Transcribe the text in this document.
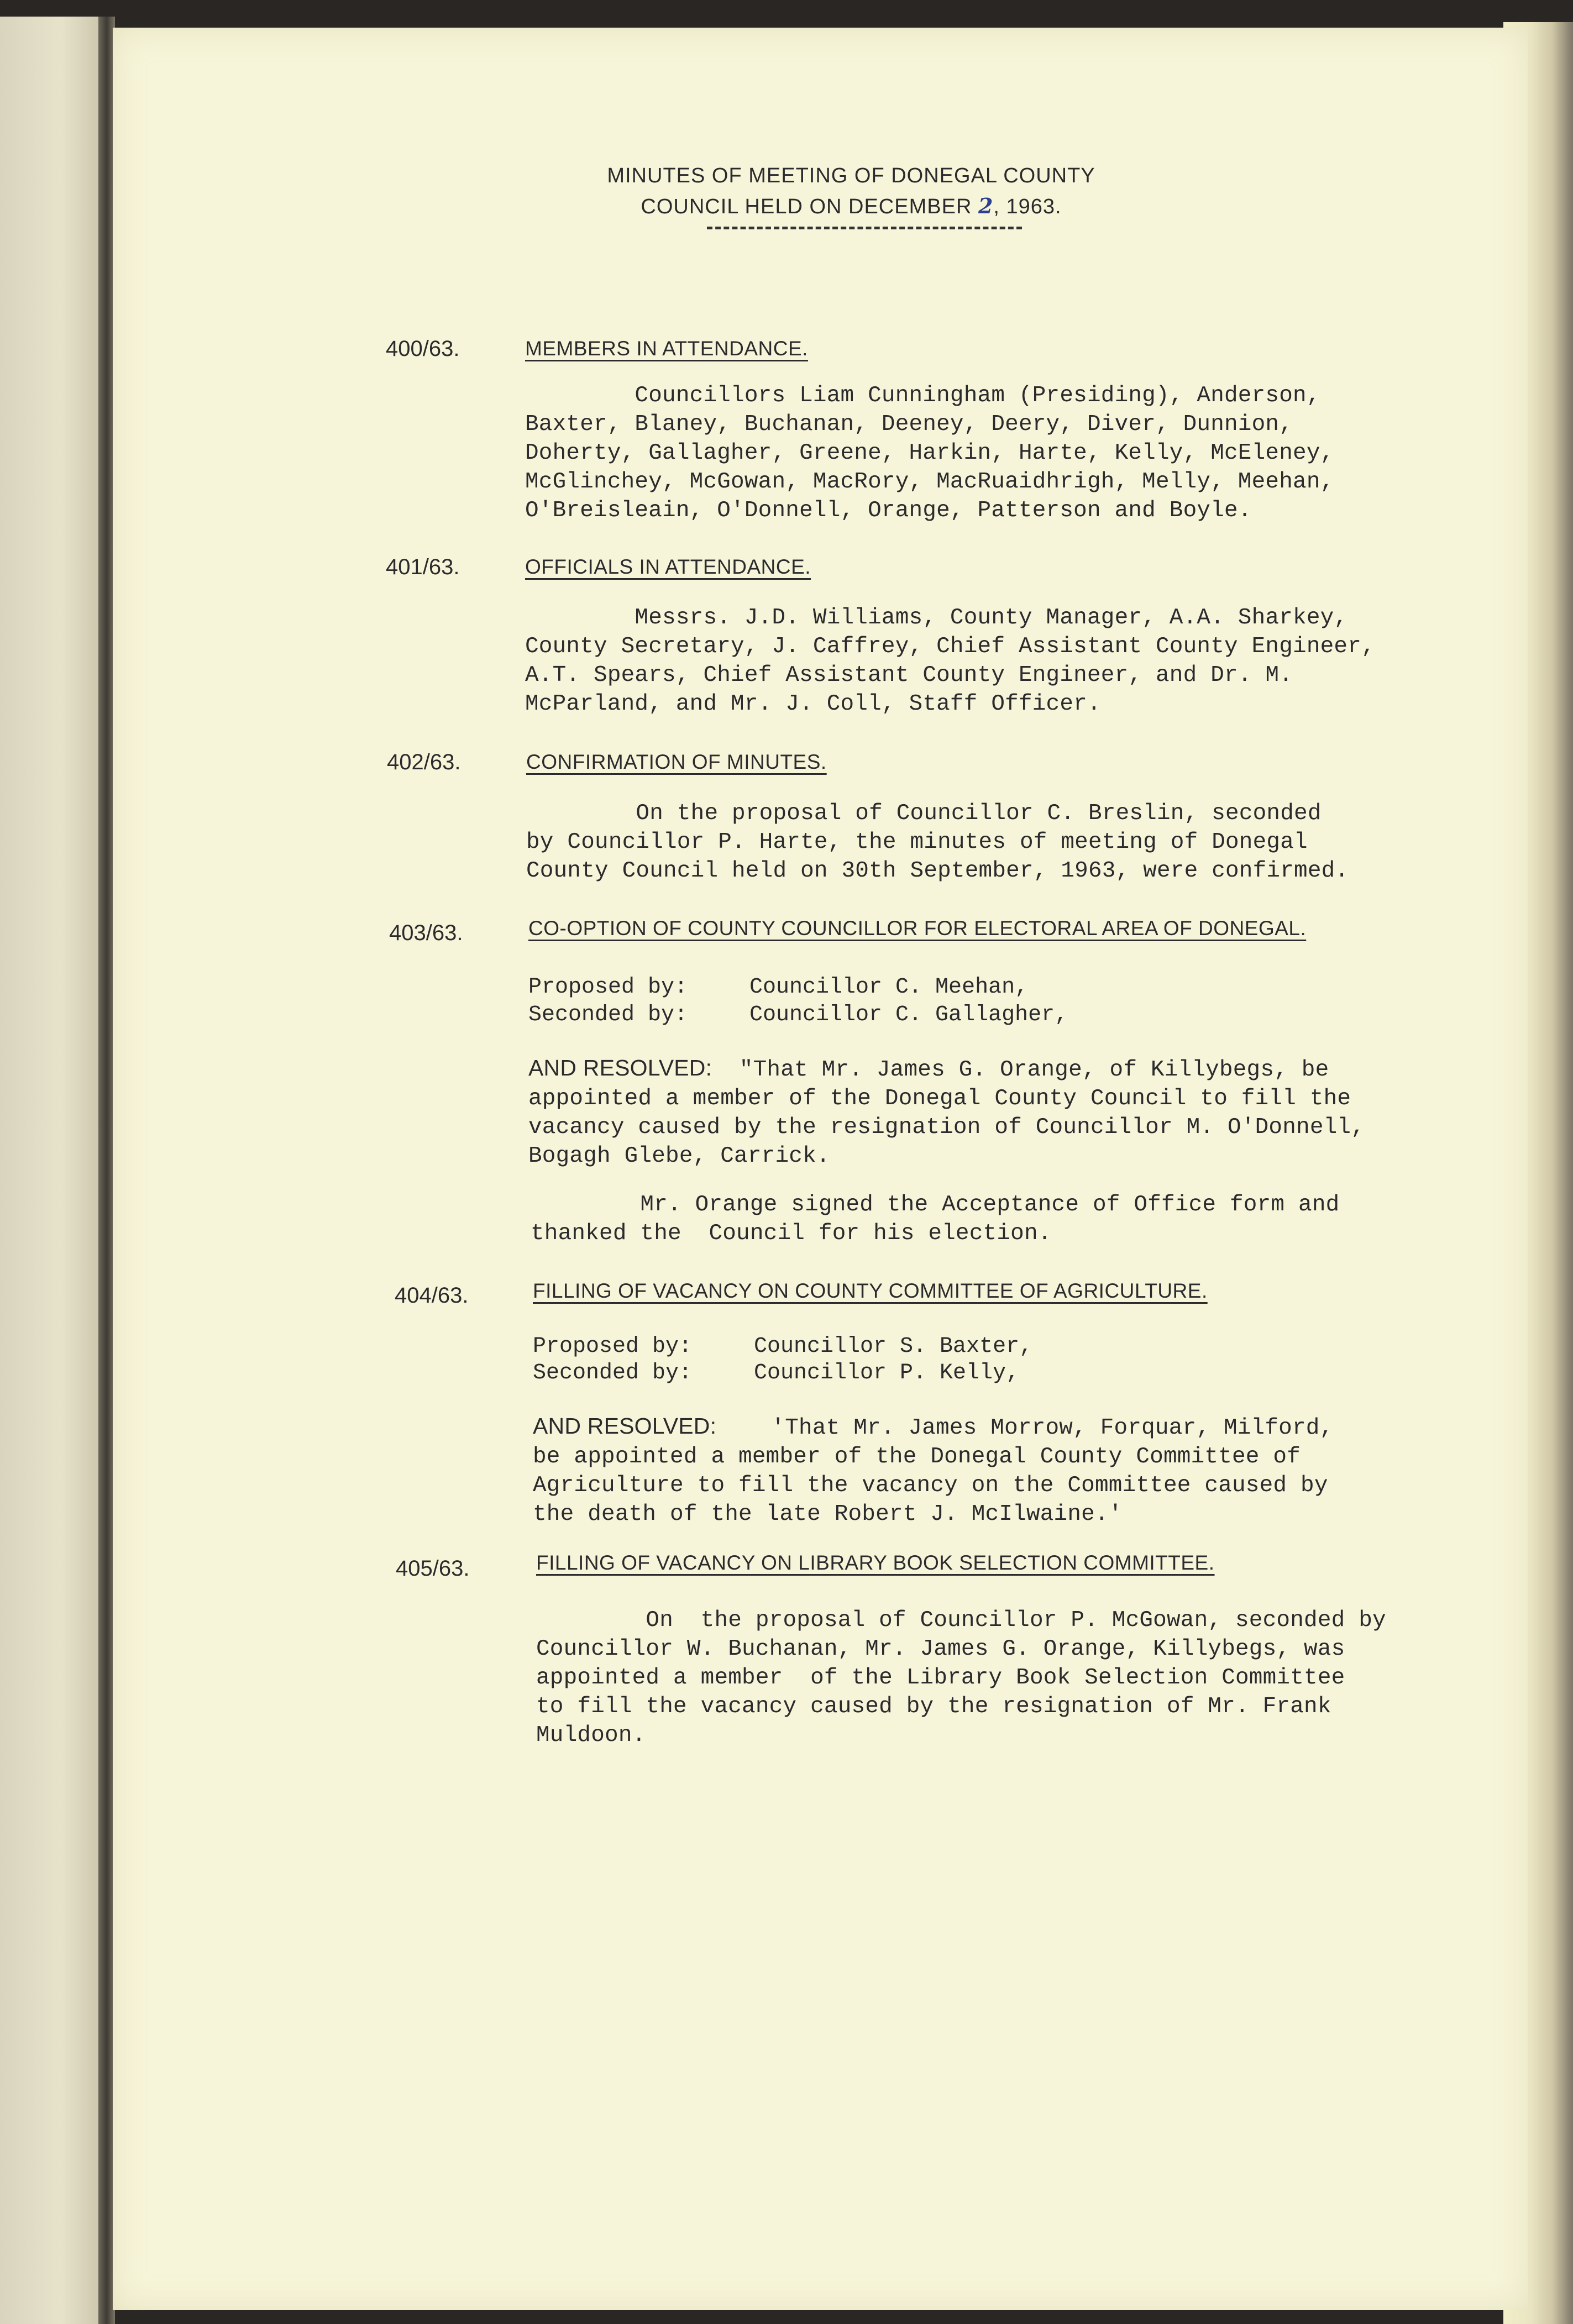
MINUTES OF MEETING OF DONEGAL COUNTY
COUNCIL HELD ON DECEMBER 2, 1963.
400/63.	MEMBERS IN ATTENDANCE.
Councillors Liam Cunningham (Presiding), Anderson,
Baxter, Blaney, Buchanan, Deeney, Deery, Diver, Dunnion,
Doherty, Gallagher, Greene, Harkin, Harte, Kelly, McEleney,
McGlinchey, McGowan, MacRory, MacRuaidhrigh, Melly, Meehan,
O'Breisleain, O'Donnell, Orange, Patterson and Boyle.
401/63.	OFFICIALS IN ATTENDANCE.
Messrs. J.D. Williams, County Manager, A.A. Sharkey,
County Secretary, J. Caffrey, Chief Assistant County Engineer,
A.T. Spears, Chief Assistant County Engineer, and Dr. M.
McParland, and Mr. J. Coll, Staff Officer.
402/63.	CONFIRMATION OF MINUTES.
On the proposal of Councillor C. Breslin, seconded
by Councillor P. Harte, the minutes of meeting of Donegal
County Council held on 30th September, 1963, were confirmed.
403/63.	CO-OPTION OF COUNTY COUNCILLOR FOR ELECTORAL AREA OF DONEGAL.
Proposed by:	Councillor C. Meehan,
Seconded by:	Councillor C. Gallagher,
AND RESOLVED:  "That Mr. James G. Orange, of Killybegs, be
appointed a member of the Donegal County Council to fill the
vacancy caused by the resignation of Councillor M. O'Donnell,
Bogagh Glebe, Carrick.
Mr. Orange signed the Acceptance of Office form and
thanked the  Council for his election.
404/63.	FILLING OF VACANCY ON COUNTY COMMITTEE OF AGRICULTURE.
Proposed by:	Councillor S. Baxter,
Seconded by:	Councillor P. Kelly,
AND RESOLVED:    'That Mr. James Morrow, Forquar, Milford,
be appointed a member of the Donegal County Committee of
Agriculture to fill the vacancy on the Committee caused by
the death of the late Robert J. McIlwaine.'
405/63.	FILLING OF VACANCY ON LIBRARY BOOK SELECTION COMMITTEE.
On  the proposal of Councillor P. McGowan, seconded by
Councillor W. Buchanan, Mr. James G. Orange, Killybegs, was
appointed a member  of the Library Book Selection Committee
to fill the vacancy caused by the resignation of Mr. Frank
Muldoon.
